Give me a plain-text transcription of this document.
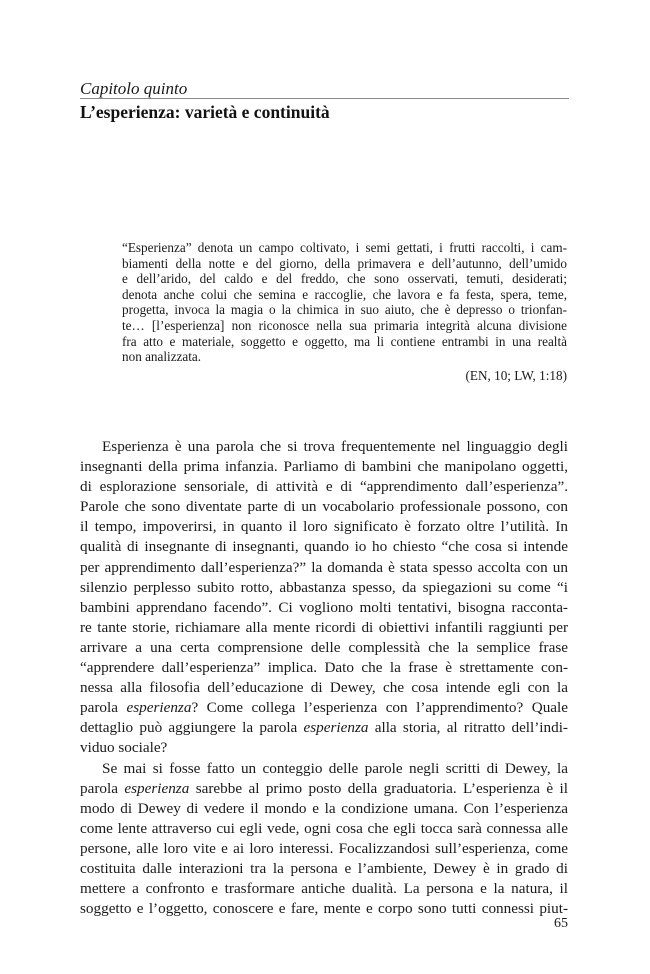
Capitolo quinto
L’esperienza: varietà e continuità

“Esperienza” denota un campo coltivato, i semi gettati, i frutti raccolti, i cam-
biamenti della notte e del giorno, della primavera e dell’autunno, dell’umido
e dell’arido, del caldo e del freddo, che sono osservati, temuti, desiderati;
denota anche colui che semina e raccoglie, che lavora e fa festa, spera, teme,
progetta, invoca la magia o la chimica in suo aiuto, che è depresso o trionfan-
te… [l’esperienza] non riconosce nella sua primaria integrità alcuna divisione
fra atto e materiale, soggetto e oggetto, ma li contiene entrambi in una realtà
non analizzata.

(EN, 10; LW, 1:18)
Esperienza è una parola che si trova frequentemente nel linguaggio degli
insegnanti della prima infanzia. Parliamo di bambini che manipolano oggetti,
di esplorazione sensoriale, di attività e di “apprendimento dall’esperienza”.
Parole che sono diventate parte di un vocabolario professionale possono, con
il tempo, impoverirsi, in quanto il loro significato è forzato oltre l’utilità. In
qualità di insegnante di insegnanti, quando io ho chiesto “che cosa si intende
per apprendimento dall’esperienza?” la domanda è stata spesso accolta con un
silenzio perplesso subito rotto, abbastanza spesso, da spiegazioni su come “i
bambini apprendano facendo”. Ci vogliono molti tentativi, bisogna racconta-
re tante storie, richiamare alla mente ricordi di obiettivi infantili raggiunti per
arrivare a una certa comprensione delle complessità che la semplice frase
“apprendere dall’esperienza” implica. Dato che la frase è strettamente con-
nessa alla filosofia dell’educazione di Dewey, che cosa intende egli con la
parola esperienza? Come collega l’esperienza con l’apprendimento? Quale
dettaglio può aggiungere la parola esperienza alla storia, al ritratto dell’indi-
viduo sociale?
Se mai si fosse fatto un conteggio delle parole negli scritti di Dewey, la
parola esperienza sarebbe al primo posto della graduatoria. L’esperienza è il
modo di Dewey di vedere il mondo e la condizione umana. Con l’esperienza
come lente attraverso cui egli vede, ogni cosa che egli tocca sarà connessa alle
persone, alle loro vite e ai loro interessi. Focalizzandosi sull’esperienza, come
costituita dalle interazioni tra la persona e l’ambiente, Dewey è in grado di
mettere a confronto e trasformare antiche dualità. La persona e la natura, il
soggetto e l’oggetto, conoscere e fare, mente e corpo sono tutti connessi piut-
65
